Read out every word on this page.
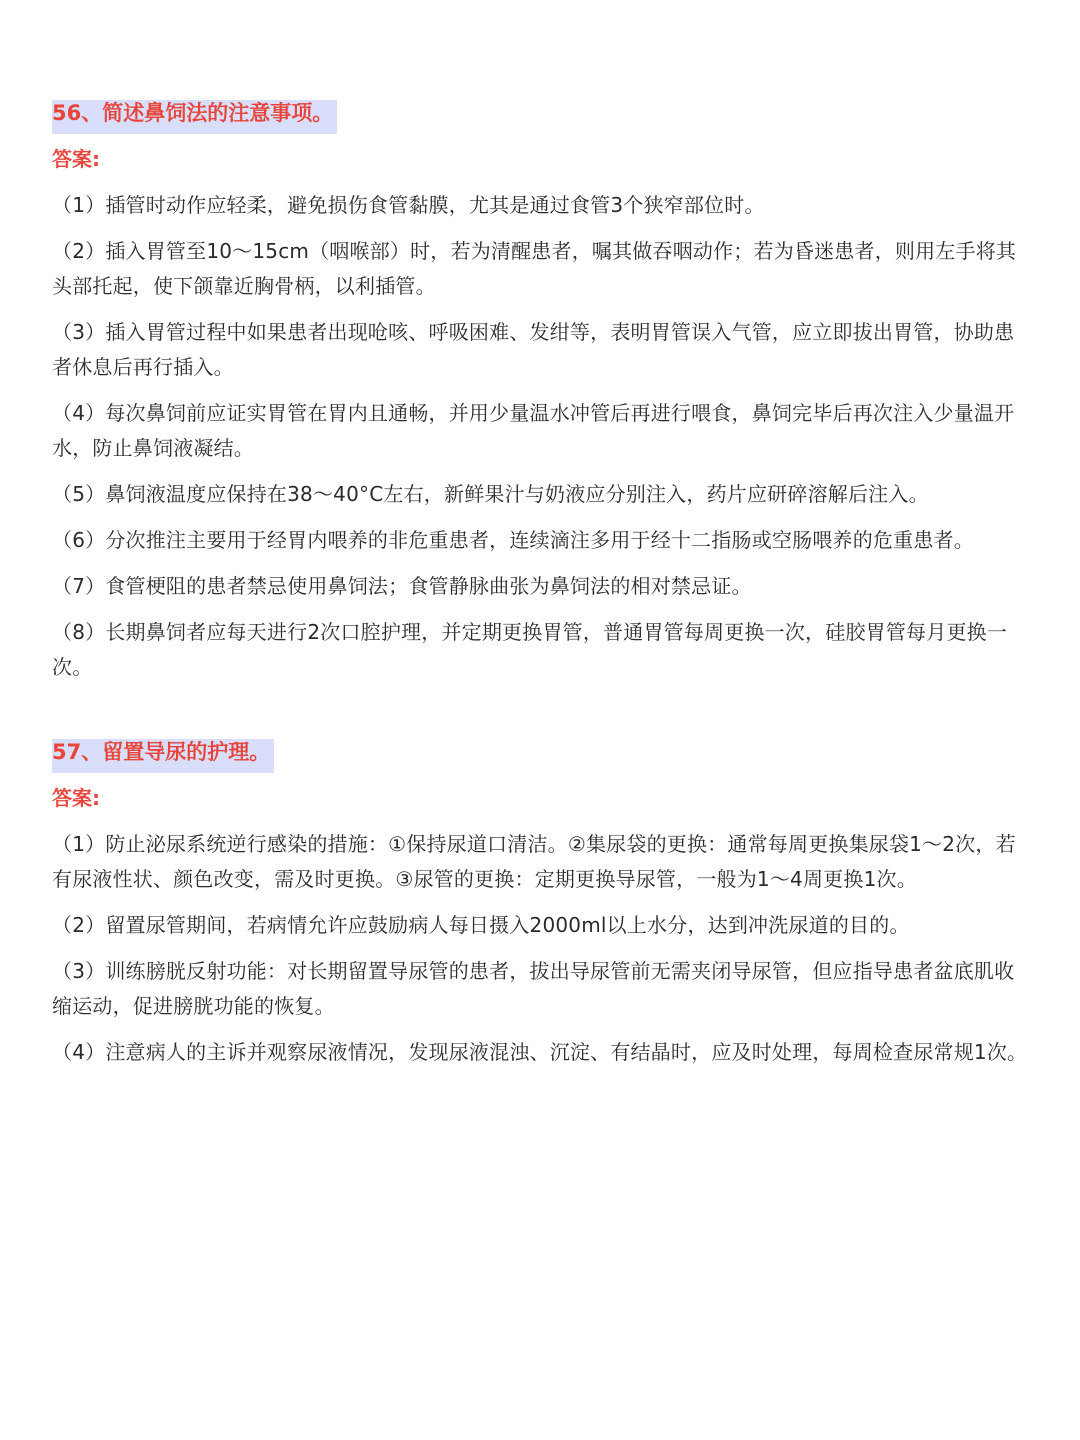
56、简述鼻饲法的注意事项。
答案:

（1）插管时动作应轻柔，避免损伤食管黏膜，尤其是通过食管3个狭窄部位时。

（2）插入胃管至10～15cm（咽喉部）时，若为清醒患者，嘱其做吞咽动作；若为昏迷患者，则用左手将其头部托起，使下颌靠近胸骨柄，以利插管。

（3）插入胃管过程中如果患者出现呛咳、呼吸困难、发绀等，表明胃管误入气管，应立即拔出胃管，协助患者休息后再行插入。

（4）每次鼻饲前应证实胃管在胃内且通畅，并用少量温水冲管后再进行喂食，鼻饲完毕后再次注入少量温开水，防止鼻饲液凝结。

（5）鼻饲液温度应保持在38～40°C左右，新鲜果汁与奶液应分别注入，药片应研碎溶解后注入。

（6）分次推注主要用于经胃内喂养的非危重患者，连续滴注多用于经十二指肠或空肠喂养的危重患者。

（7）食管梗阻的患者禁忌使用鼻饲法；食管静脉曲张为鼻饲法的相对禁忌证。

（8）长期鼻饲者应每天进行2次口腔护理，并定期更换胃管，普通胃管每周更换一次，硅胶胃管每月更换一次。

57、留置导尿的护理。
答案:

（1）防止泌尿系统逆行感染的措施：①保持尿道口清洁。②集尿袋的更换：通常每周更换集尿袋1～2次，若有尿液性状、颜色改变，需及时更换。③尿管的更换：定期更换导尿管，一般为1～4周更换1次。

（2）留置尿管期间，若病情允许应鼓励病人每日摄入2000ml以上水分，达到冲洗尿道的目的。

（3）训练膀胱反射功能：对长期留置导尿管的患者，拔出导尿管前无需夹闭导尿管，但应指导患者盆底肌收缩运动，促进膀胱功能的恢复。

（4）注意病人的主诉并观察尿液情况，发现尿液混浊、沉淀、有结晶时，应及时处理，每周检查尿常规1次。
